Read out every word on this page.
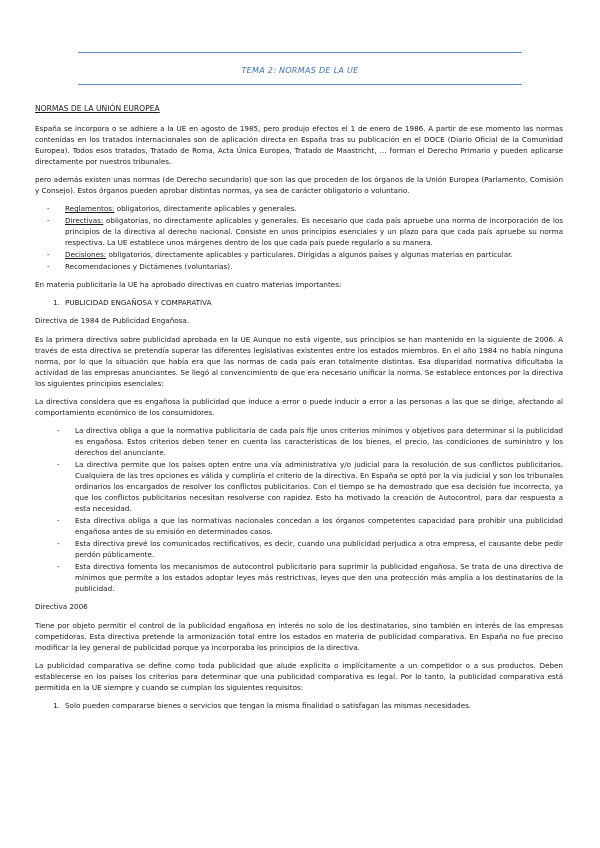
TEMA 2: NORMAS DE LA UE

NORMAS DE LA UNIÓN EUROPEA

España se incorpora o se adhiere a la UE en agosto de 1985, pero produjo efectos el 1 de enero de 1986. A partir de ese momento las normas contenidas en los tratados internacionales son de aplicación directa en España tras su publicación en el DOCE (Diario Oficial de la Comunidad Europea). Todos esos tratados, Tratado de Roma, Acta Única Europea, Tratado de Maastricht, … forman el Derecho Primario y pueden aplicarse directamente por nuestros tribunales.

pero además existen unas normas (de Derecho secundario) que son las que proceden de los órganos de la Unión Europea (Parlamento, Comisión y Consejo). Estos órganos pueden aprobar distintas normas, ya sea de carácter obligatorio o voluntario.

- Reglamentos: obligatorios, directamente aplicables y generales.
- Directivas: obligatorias, no directamente aplicables y generales. Es necesario que cada país apruebe una norma de incorporación de los principios de la directiva al derecho nacional. Consiste en unos principios esenciales y un plazo para que cada país apruebe su norma respectiva. La UE establece unos márgenes dentro de los que cada país puede regularlo a su manera.
- Decisiones: obligatorios, directamente aplicables y particulares. Dirigidas a algunos países y algunas materias en particular.
- Recomendaciones y Dictámenes (voluntarias).

En materia publicitaria la UE ha aprobado directivas en cuatro materias importantes:

1. PUBLICIDAD ENGAÑOSA Y COMPARATIVA

Directiva de 1984 de Publicidad Engañosa.

Es la primera directiva sobre publicidad aprobada en la UE Aunque no está vigente, sus principios se han mantenido en la siguiente de 2006. A través de esta directiva se pretendía superar las diferentes legislativas existentes entre los estados miembros. En el año 1984 no había ninguna norma, por lo que la situación que había era que las normas de cada país eran totalmente distintas. Esa disparidad normativa dificultaba la actividad de las empresas anunciantes. Se llegó al convencimiento de que era necesario unificar la norma. Se establece entonces por la directiva los siguientes principios esenciales:

La directiva considera que es engañosa la publicidad que induce a error o puede inducir a error a las personas a las que se dirige, afectando al comportamiento económico de los consumidores.

- La directiva obliga a que la normativa publicitaria de cada país fije unos criterios mínimos y objetivos para determinar si la publicidad es engañosa. Estos criterios deben tener en cuenta las características de los bienes, el precio, las condiciones de suministro y los derechos del anunciante.
- La directiva permite que los países opten entre una vía administrativa y/o judicial para la resolución de sus conflictos publicitarios. Cualquiera de las tres opciones es válida y cumpliría el criterio de la directiva. En España se optó por la vía judicial y son los tribunales ordinarios los encargados de resolver los conflictos publicitarios. Con el tiempo se ha demostrado que esa decisión fue incorrecta, ya que los conflictos publicitarios necesitan resolverse con rapidez. Esto ha motivado la creación de Autocontrol, para dar respuesta a esta necesidad.
- Esta directiva obliga a que las normativas nacionales concedan a los órganos competentes capacidad para prohibir una publicidad engañosa antes de su emisión en determinados casos.
- Esta directiva prevé los comunicados rectificativos, es decir, cuando una publicidad perjudica a otra empresa, el causante debe pedir perdón públicamente.
- Esta directiva fomenta los mecanismos de autocontrol publicitario para suprimir la publicidad engañosa. Se trata de una directiva de mínimos que permite a los estados adoptar leyes más restrictivas, leyes que den una protección más amplia a los destinatarios de la publicidad.

Directiva 2006

Tiene por objeto permitir el control de la publicidad engañosa en interés no solo de los destinatarios, sino también en interés de las empresas competidoras. Esta directiva pretende la armonización total entre los estados en materia de publicidad comparativa. En España no fue preciso modificar la ley general de publicidad porque ya incorporaba los principios de la directiva.

La publicidad comparativa se define como toda publicidad que alude explícita o implícitamente a un competidor o a sus productos. Deben establecerse en los países los criterios para determinar que una publicidad comparativa es legal. Por lo tanto, la publicidad comparativa está permitida en la UE siempre y cuando se cumplan los siguientes requisitos:

1. Solo pueden compararse bienes o servicios que tengan la misma finalidad o satisfagan las mismas necesidades.
